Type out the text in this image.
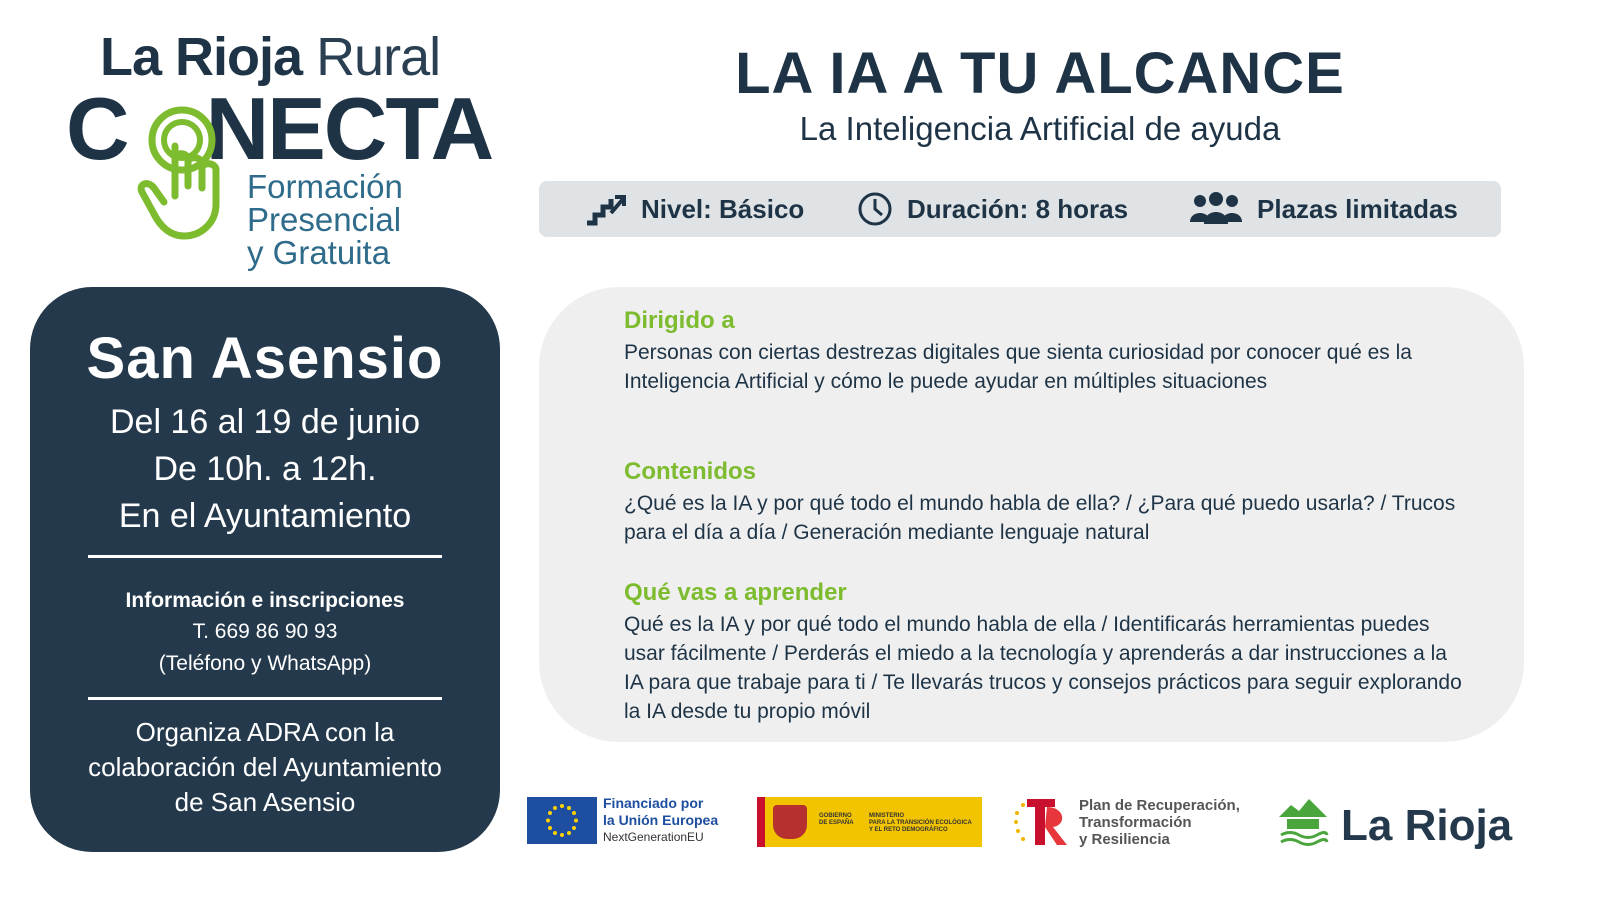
La Rioja Rural
C NECTA
Formación
Presencial
y Gratuita
San Asensio
Del 16 al 19 de junio
De 10h. a 12h.
En el Ayuntamiento
Información e inscripciones
T. 669 86 90 93
(Teléfono y WhatsApp)
Organiza ADRA con la
colaboración del Ayuntamiento
de San Asensio
LA IA A TU ALCANCE
La Inteligencia Artificial de ayuda
Nivel: Básico	Duración: 8 horas	Plazas limitadas
Dirigido a
Personas con ciertas destrezas digitales que sienta curiosidad por conocer qué es la Inteligencia Artificial y cómo le puede ayudar en múltiples situaciones
Contenidos
¿Qué es la IA y por qué todo el mundo habla de ella? / ¿Para qué puedo usarla? / Trucos para el día a día / Generación mediante lenguaje natural
Qué vas a aprender
Qué es la IA y por qué todo el mundo habla de ella / Identificarás herramientas puedes usar fácilmente / Perderás el miedo a la tecnología y aprenderás a dar instrucciones a la IA para que trabaje para ti / Te llevarás trucos y consejos prácticos para seguir explorando la IA desde tu propio móvil
Financiado por
la Unión Europea
NextGenerationEU
GOBIERNO
DE ESPAÑA
MINISTERIO
PARA LA TRANSICIÓN ECOLÓGICA
Y EL RETO DEMOGRÁFICO
Plan de Recuperación,
Transformación
y Resiliencia	La Rioja
